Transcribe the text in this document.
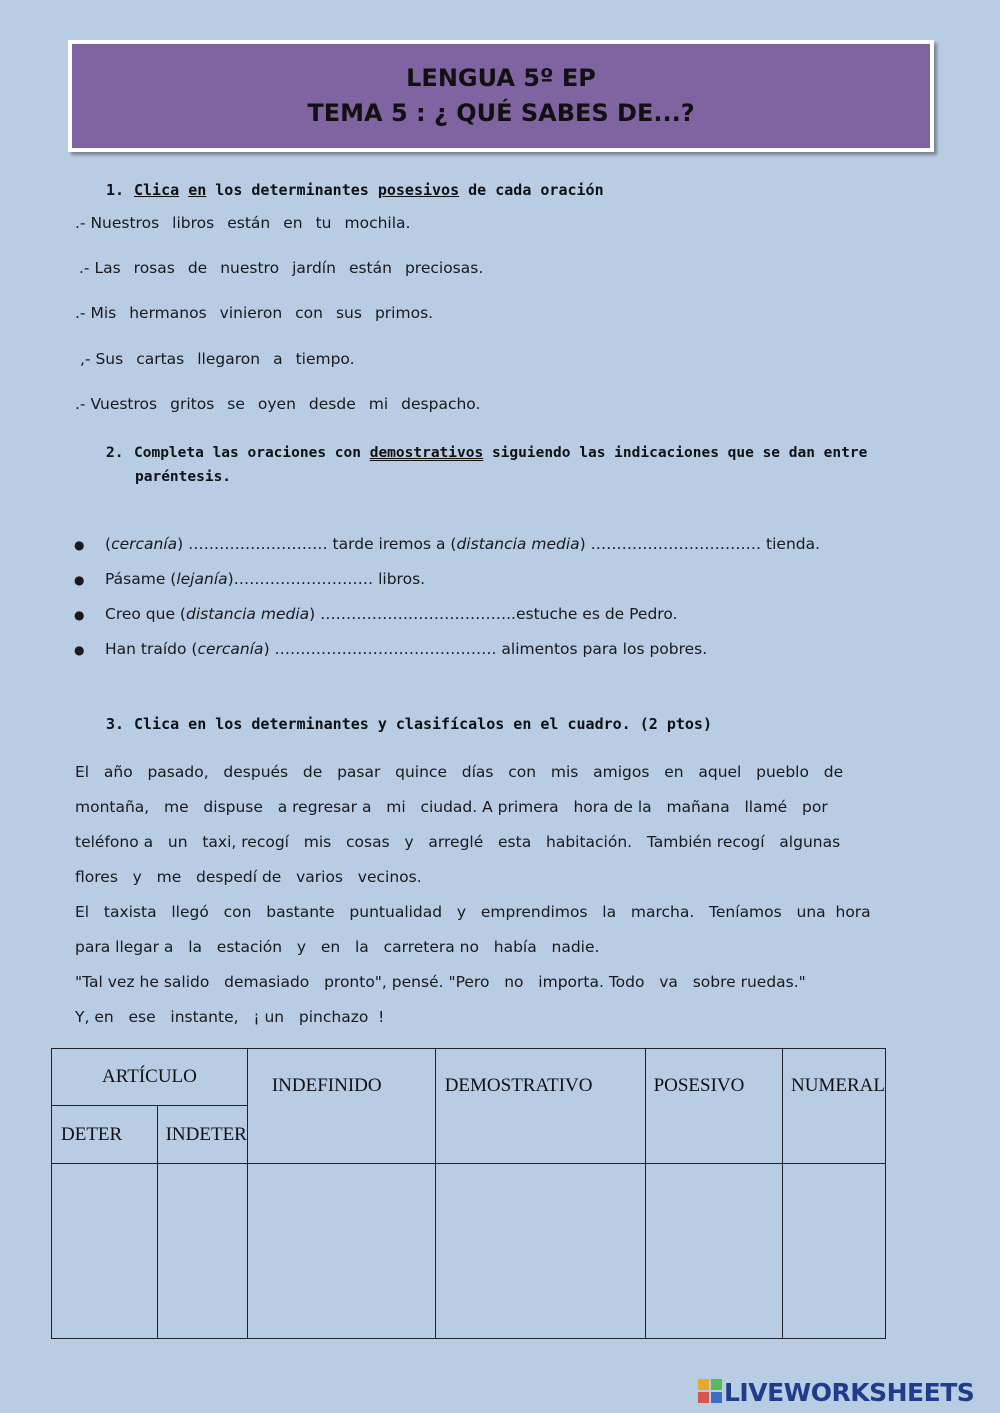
LENGUA 5º EP
TEMA 5 : ¿ QUÉ SABES DE...?
1. Clica en los determinantes posesivos de cada oración
.- Nuestros libros están en tu mochila.
.- Las rosas de nuestro jardín están preciosas.
.- Mis hermanos vinieron con sus primos.
,- Sus cartas llegaron a tiempo.
.- Vuestros gritos se oyen desde mi despacho.
2. Completa las oraciones con demostrativos siguiendo las indicaciones que se dan entre
paréntesis.
● (cercanía) ……………………… tarde iremos a (distancia media) …………………………… tienda.
● Pásame (lejanía)……………………… libros.
● Creo que (distancia media) ………………………………..estuche es de Pedro.
● Han traído (cercanía) ……………………………………. alimentos para los pobres.
3. Clica en los determinantes y clasifícalos en el cuadro. (2 ptos)
El   año   pasado,   después   de   pasar   quince   días   con   mis   amigos   en   aquel   pueblo   de
montaña,   me   dispuse   a regresar a   mi   ciudad. A primera   hora de la   mañana   llamé   por
teléfono a   un   taxi, recogí   mis   cosas   y   arreglé   esta   habitación.   También recogí   algunas
flores   y   me   despedí de   varios   vecinos.
El   taxista   llegó   con   bastante   puntualidad   y   emprendimos   la   marcha.   Teníamos   una  hora
para llegar a   la   estación   y   en   la   carretera no   había   nadie.
"Tal vez he salido   demasiado   pronto", pensé. "Pero   no   importa. Todo   va   sobre ruedas."
Y, en   ese   instante,   ¡ un   pinchazo  !
ARTÍCULO		INDEFINIDO	DEMOSTRATIVO	POSESIVO	NUMERAL
DETER	INDETER				

LIVEWORKSHEETS
